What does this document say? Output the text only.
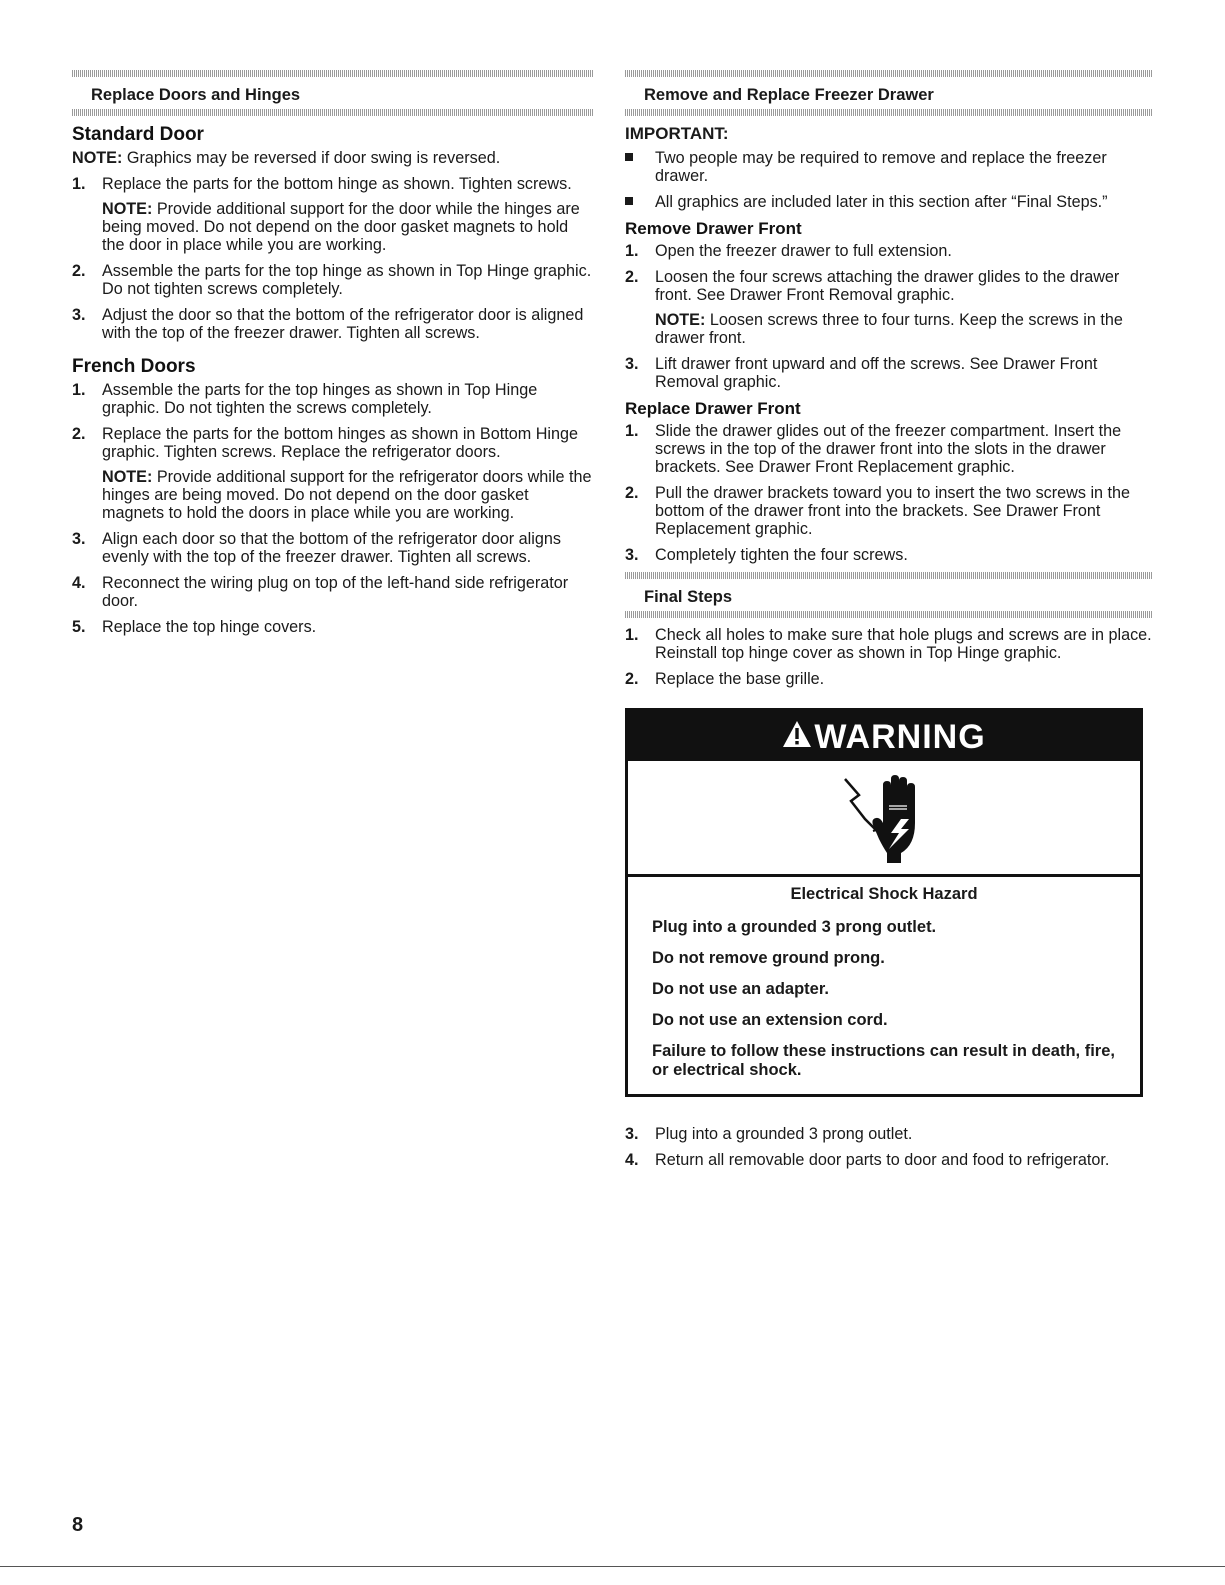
Replace Doors and Hinges
Standard Door

NOTE: Graphics may be reversed if door swing is reversed.

1. Replace the parts for the bottom hinge as shown. Tighten screws.
NOTE: Provide additional support for the door while the hinges are being moved. Do not depend on the door gasket magnets to hold the door in place while you are working.
2. Assemble the parts for the top hinge as shown in Top Hinge graphic. Do not tighten screws completely.
3. Adjust the door so that the bottom of the refrigerator door is aligned with the top of the freezer drawer. Tighten all screws.
French Doors
1. Assemble the parts for the top hinges as shown in Top Hinge graphic. Do not tighten the screws completely.
2. Replace the parts for the bottom hinges as shown in Bottom Hinge graphic. Tighten screws. Replace the refrigerator doors.
NOTE: Provide additional support for the refrigerator doors while the hinges are being moved. Do not depend on the door gasket magnets to hold the doors in place while you are working.
3. Align each door so that the bottom of the refrigerator door aligns evenly with the top of the freezer drawer. Tighten all screws.
4. Reconnect the wiring plug on top of the left-hand side refrigerator door.
5. Replace the top hinge covers.
Remove and Replace Freezer Drawer
IMPORTANT:
Two people may be required to remove and replace the freezer drawer.
All graphics are included later in this section after “Final Steps.”
Remove Drawer Front
1. Open the freezer drawer to full extension.
2. Loosen the four screws attaching the drawer glides to the drawer front. See Drawer Front Removal graphic.
NOTE: Loosen screws three to four turns. Keep the screws in the drawer front.
3. Lift drawer front upward and off the screws. See Drawer Front Removal graphic.
Replace Drawer Front
1. Slide the drawer glides out of the freezer compartment. Insert the screws in the top of the drawer front into the slots in the drawer brackets. See Drawer Front Replacement graphic.
2. Pull the drawer brackets toward you to insert the two screws in the bottom of the drawer front into the brackets. See Drawer Front Replacement graphic.
3. Completely tighten the four screws.
Final Steps
1. Check all holes to make sure that hole plugs and screws are in place. Reinstall top hinge cover as shown in Top Hinge graphic.
2. Replace the base grille.
WARNING
Electrical Shock Hazard

Plug into a grounded 3 prong outlet.

Do not remove ground prong.

Do not use an adapter.

Do not use an extension cord.

Failure to follow these instructions can result in death, fire, or electrical shock.

3. Plug into a grounded 3 prong outlet.
4. Return all removable door parts to door and food to refrigerator.
8
